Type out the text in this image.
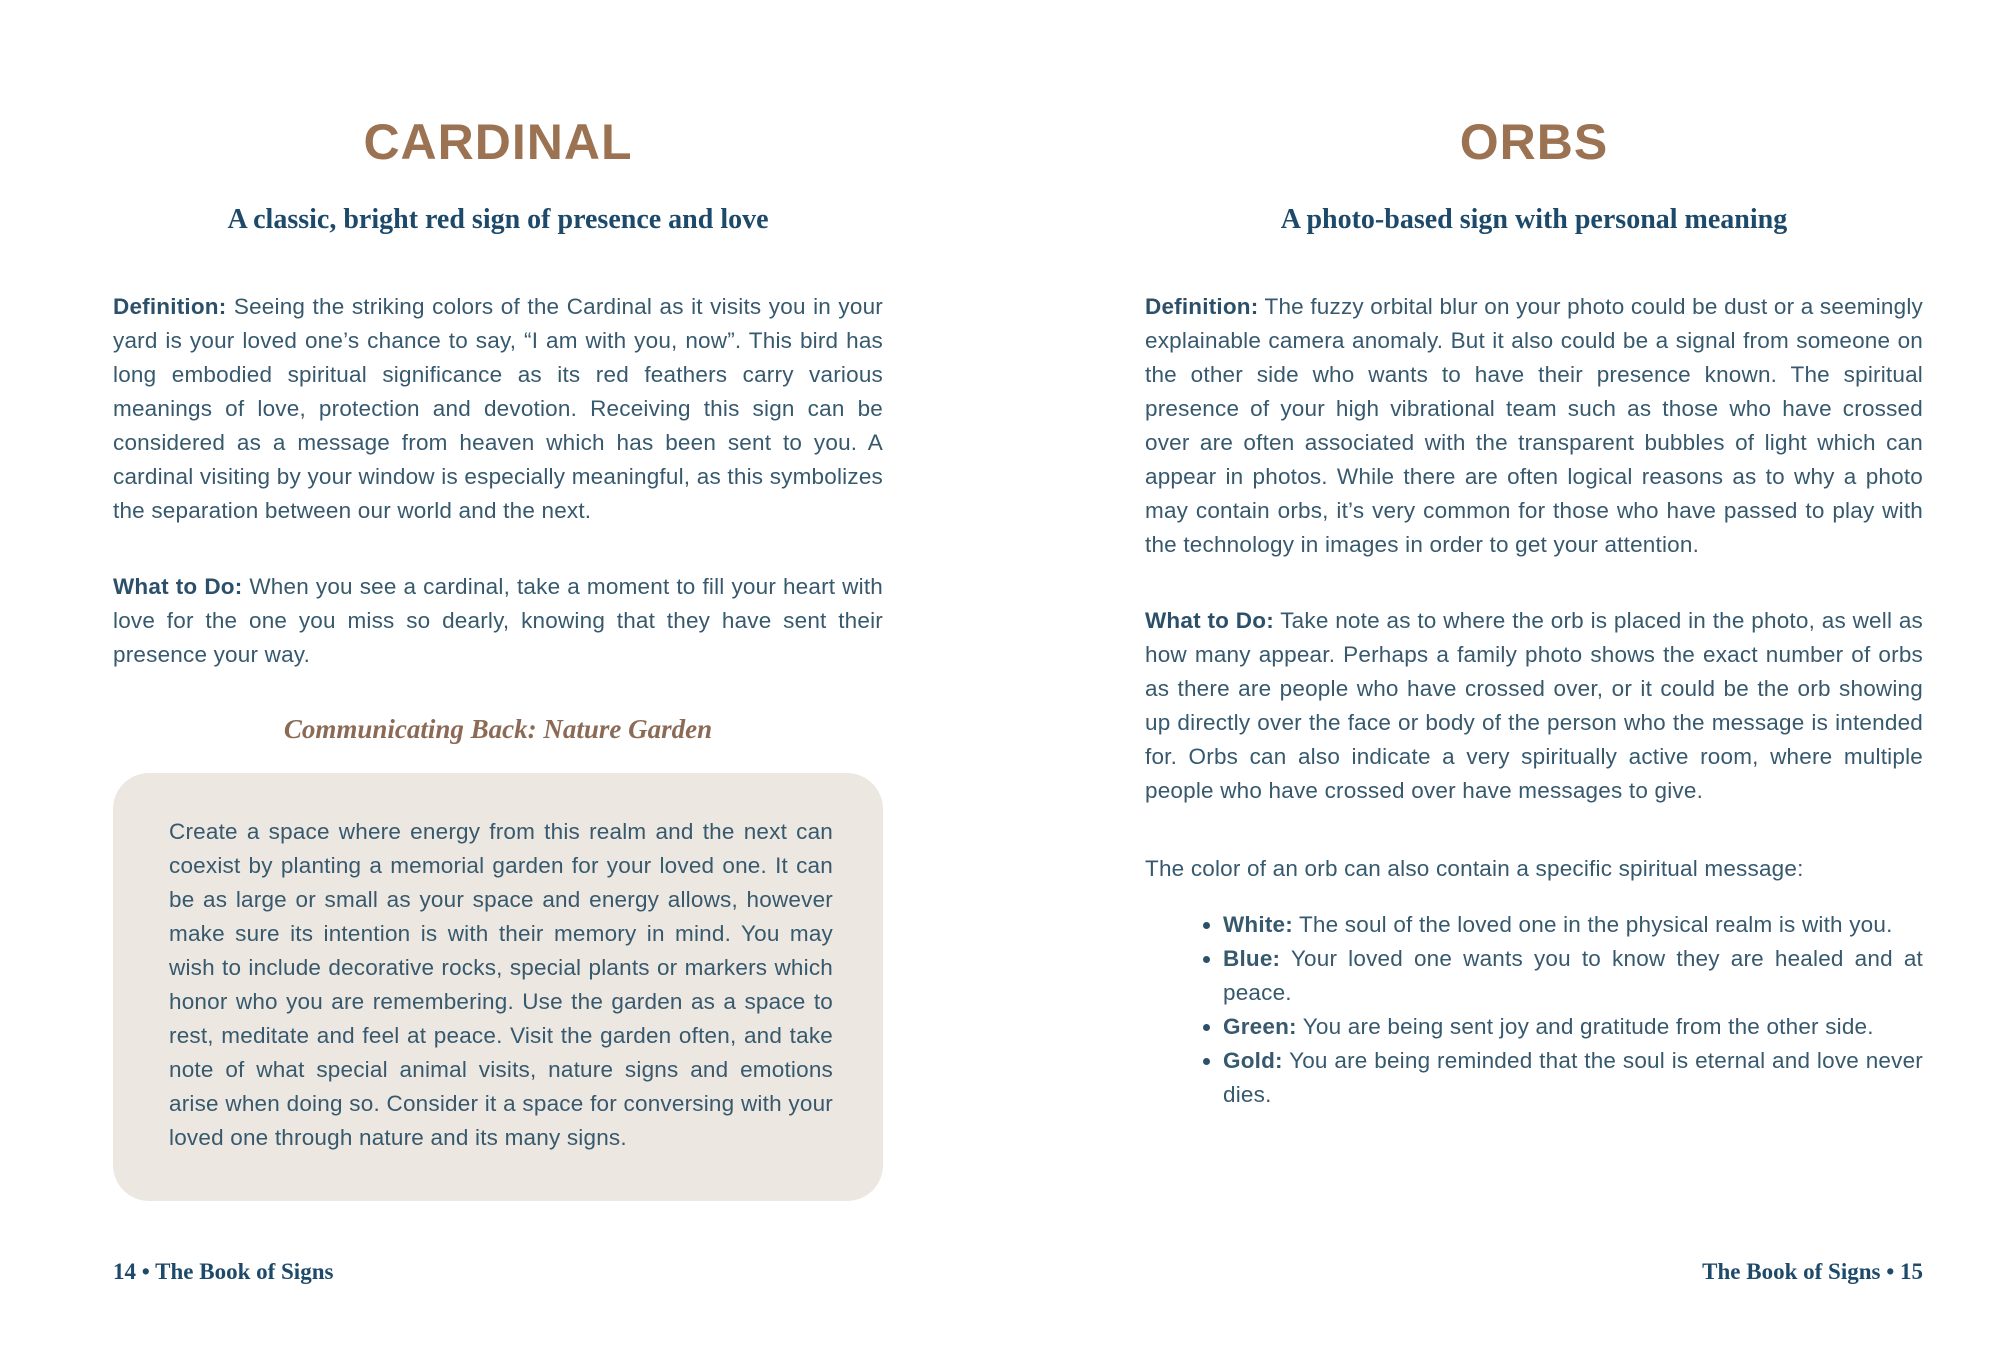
CARDINAL
A classic, bright red sign of presence and love

Definition: Seeing the striking colors of the Cardinal as it visits you in your yard is your loved one’s chance to say, “I am with you, now”. This bird has long embodied spiritual significance as its red feathers carry various meanings of love, protection and devotion. Receiving this sign can be considered as a message from heaven which has been sent to you. A cardinal visiting by your window is especially meaningful, as this symbolizes the separation between our world and the next.

What to Do: When you see a cardinal, take a moment to fill your heart with love for the one you miss so dearly, knowing that they have sent their presence your way.

Communicating Back: Nature Garden

Create a space where energy from this realm and the next can coexist by planting a memorial garden for your loved one. It can be as large or small as your space and energy allows, however make sure its intention is with their memory in mind. You may wish to include decorative rocks, special plants or markers which honor who you are remembering. Use the garden as a space to rest, meditate and feel at peace. Visit the garden often, and take note of what special animal visits, nature signs and emotions arise when doing so. Consider it a space for conversing with your loved one through nature and its many signs.

14 • The Book of Signs
ORBS
A photo-based sign with personal meaning

Definition: The fuzzy orbital blur on your photo could be dust or a seemingly explainable camera anomaly. But it also could be a signal from someone on the other side who wants to have their presence known. The spiritual presence of your high vibrational team such as those who have crossed over are often associated with the transparent bubbles of light which can appear in photos. While there are often logical reasons as to why a photo may contain orbs, it’s very common for those who have passed to play with the technology in images in order to get your attention.

What to Do: Take note as to where the orb is placed in the photo, as well as how many appear. Perhaps a family photo shows the exact number of orbs as there are people who have crossed over, or it could be the orb showing up directly over the face or body of the person who the message is intended for. Orbs can also indicate a very spiritually active room, where multiple people who have crossed over have messages to give.

The color of an orb can also contain a specific spiritual message:

• White: The soul of the loved one in the physical realm is with you.
• Blue: Your loved one wants you to know they are healed and at peace.
• Green: You are being sent joy and gratitude from the other side.
• Gold: You are being reminded that the soul is eternal and love never dies.
The Book of Signs • 15
